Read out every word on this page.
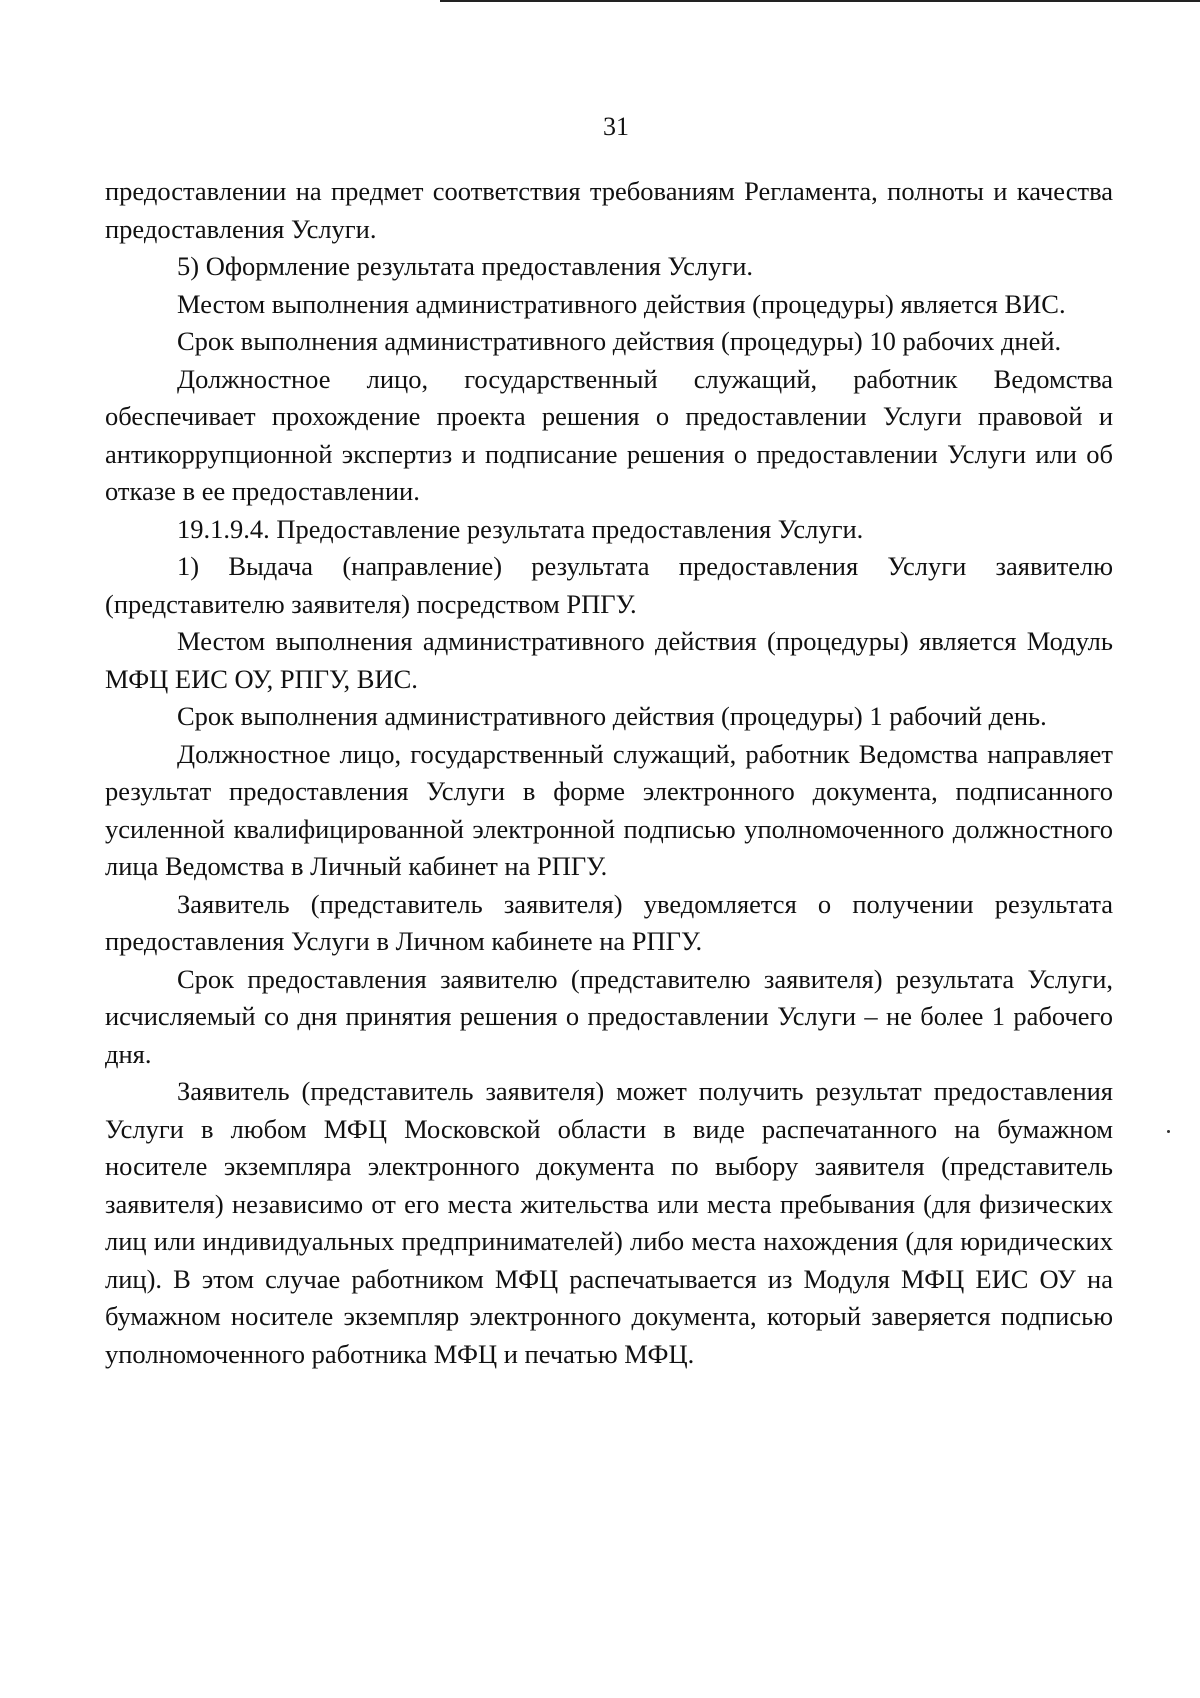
31

предоставлении на предмет соответствия требованиям Регламента, полноты и качества предоставления Услуги.

5) Оформление результата предоставления Услуги.

Местом выполнения административного действия (процедуры) является ВИС.

Срок выполнения административного действия (процедуры) 10 рабочих дней.

Должностное лицо, государственный служащий, работник Ведомства обеспечивает прохождение проекта решения о предоставлении Услуги правовой и антикоррупционной экспертиз и подписание решения о предоставлении Услуги или об отказе в ее предоставлении.

19.1.9.4. Предоставление результата предоставления Услуги.

1) Выдача (направление) результата предоставления Услуги заявителю (представителю заявителя) посредством РПГУ.

Местом выполнения административного действия (процедуры) является Модуль МФЦ ЕИС ОУ, РПГУ, ВИС.

Срок выполнения административного действия (процедуры) 1 рабочий день.

Должностное лицо, государственный служащий, работник Ведомства направляет результат предоставления Услуги в форме электронного документа, подписанного усиленной квалифицированной электронной подписью уполномоченного должностного лица Ведомства в Личный кабинет на РПГУ.

Заявитель (представитель заявителя) уведомляется о получении результата предоставления Услуги в Личном кабинете на РПГУ.

Срок предоставления заявителю (представителю заявителя) результата Услуги, исчисляемый со дня принятия решения о предоставлении Услуги – не более 1 рабочего дня.

Заявитель (представитель заявителя) может получить результат предоставления Услуги в любом МФЦ Московской области в виде распечатанного на бумажном носителе экземпляра электронного документа по выбору заявителя (представитель заявителя) независимо от его места жительства или места пребывания (для физических лиц или индивидуальных предпринимателей) либо места нахождения (для юридических лиц). В этом случае работником МФЦ распечатывается из Модуля МФЦ ЕИС ОУ на бумажном носителе экземпляр электронного документа, который заверяется подписью уполномоченного работника МФЦ и печатью МФЦ.
